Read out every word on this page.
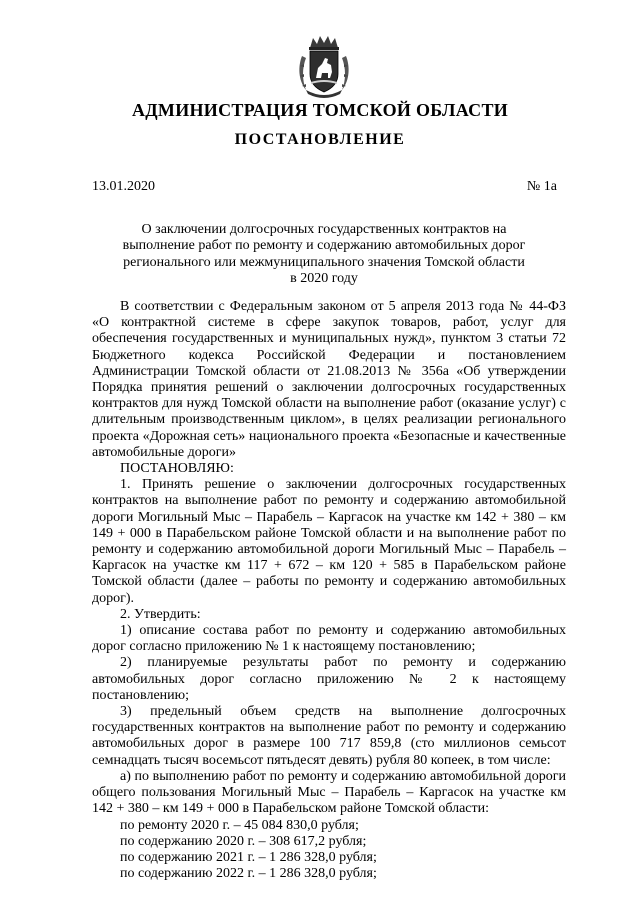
АДМИНИСТРАЦИЯ ТОМСКОЙ ОБЛАСТИ
ПОСТАНОВЛЕНИЕ
13.01.2020	№ 1а
О заключении долгосрочных государственных контрактов на выполнение работ по ремонту и содержанию автомобильных дорог регионального или межмуниципального значения Томской области в 2020 году

В соответствии с Федеральным законом от 5 апреля 2013 года № 44-ФЗ «О контрактной системе в сфере закупок товаров, работ, услуг для обеспечения государственных и муниципальных нужд», пунктом 3 статьи 72 Бюджетного кодекса Российской Федерации и постановлением Администрации Томской области от 21.08.2013 № 356а «Об утверждении Порядка принятия решений о заключении долгосрочных государственных контрактов для нужд Томской области на выполнение работ (оказание услуг) с длительным производственным циклом», в целях реализации регионального проекта «Дорожная сеть» национального проекта «Безопасные и качественные автомобильные дороги»

ПОСТАНОВЛЯЮ:

1. Принять решение о заключении долгосрочных государственных контрактов на выполнение работ по ремонту и содержанию автомобильной дороги Могильный Мыс – Парабель – Каргасок на участке км 142 + 380 – км 149 + 000 в Парабельском районе Томской области и на выполнение работ по ремонту и содержанию автомобильной дороги Могильный Мыс – Парабель – Каргасок на участке км 117 + 672 – км 120 + 585 в Парабельском районе Томской области (далее – работы по ремонту и содержанию автомобильных дорог).

2. Утвердить:

1) описание состава работ по ремонту и содержанию автомобильных дорог согласно приложению № 1 к настоящему постановлению;

2) планируемые результаты работ по ремонту и содержанию автомобильных дорог согласно приложению № 2 к настоящему постановлению;

3) предельный объем средств на выполнение долгосрочных государственных контрактов на выполнение работ по ремонту и содержанию автомобильных дорог в размере 100 717 859,8 (сто миллионов семьсот семнадцать тысяч восемьсот пятьдесят девять) рубля 80 копеек, в том числе:

а) по выполнению работ по ремонту и содержанию автомобильной дороги общего пользования Могильный Мыс – Парабель – Каргасок на участке км 142 + 380 – км 149 + 000 в Парабельском районе Томской области:

по ремонту 2020 г. – 45 084 830,0 рубля;

по содержанию 2020 г. – 308 617,2 рубля;

по содержанию 2021 г. – 1 286 328,0 рубля;

по содержанию 2022 г. – 1 286 328,0 рубля;
